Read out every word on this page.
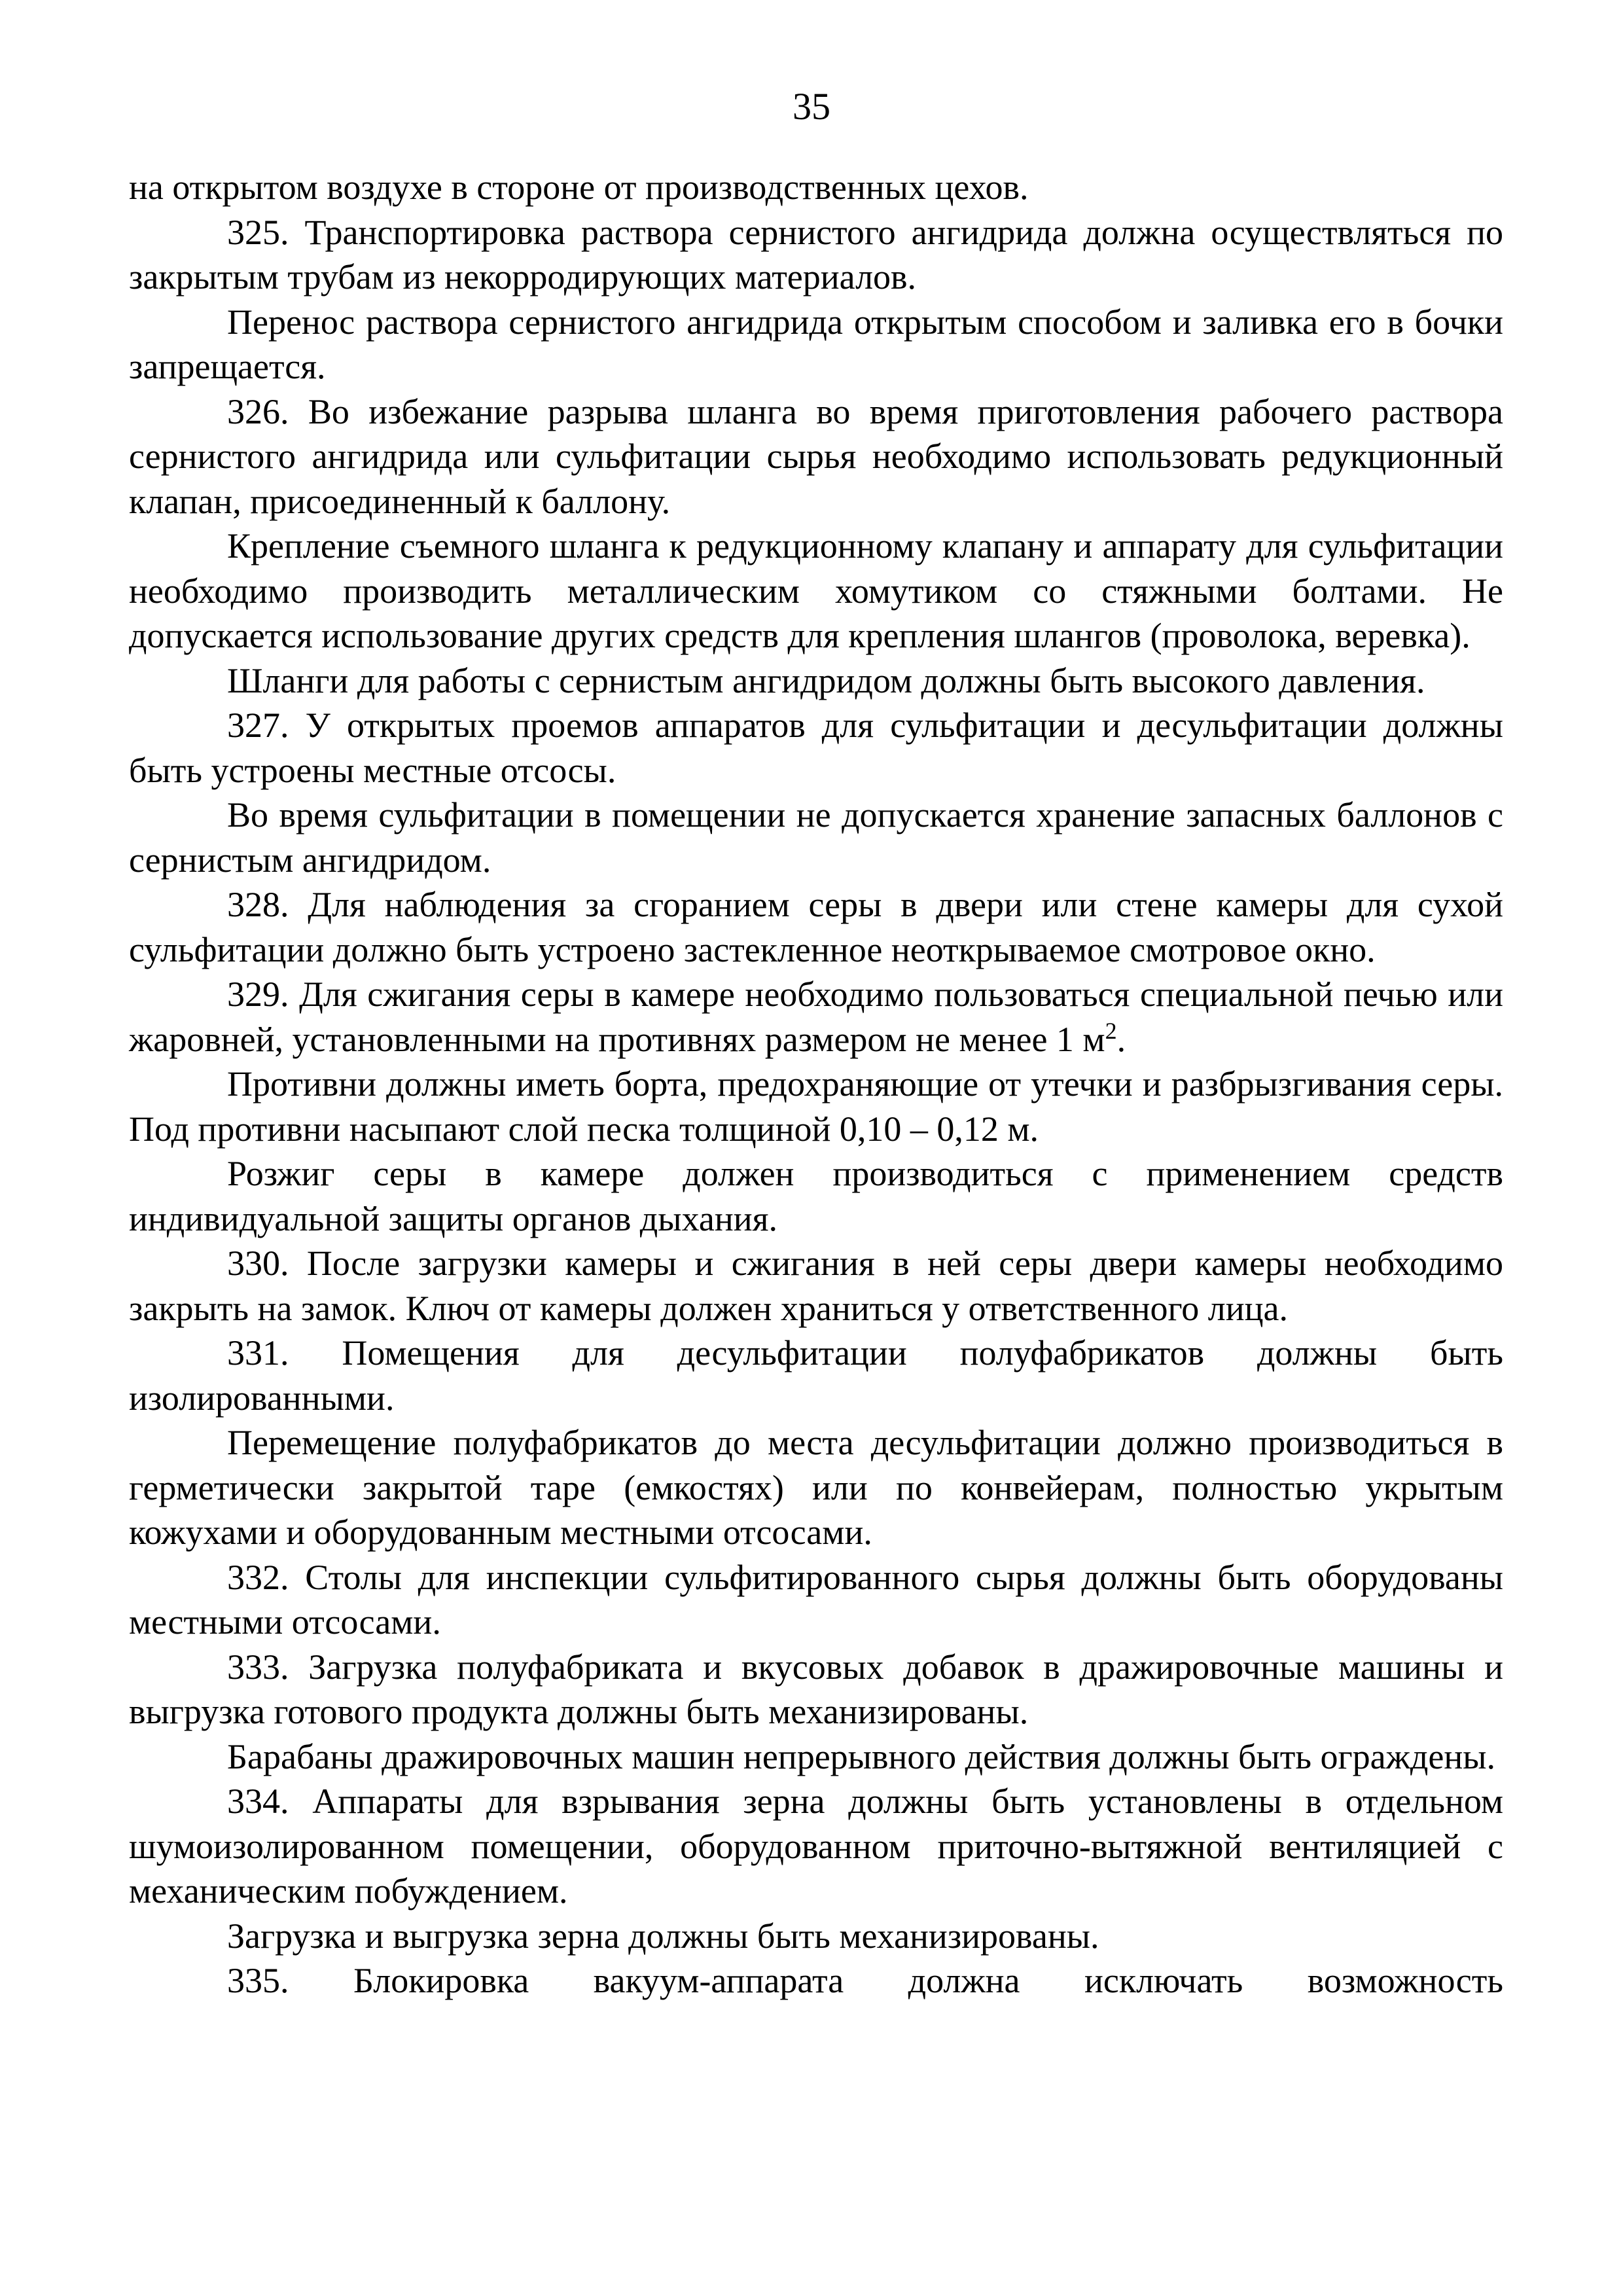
35

на открытом воздухе в стороне от производственных цехов.

325. Транспортировка раствора сернистого ангидрида должна осуществляться по закрытым трубам из некорродирующих материалов.

Перенос раствора сернистого ангидрида открытым способом и заливка его в бочки запрещается.

326. Во избежание разрыва шланга во время приготовления рабочего раствора сернистого ангидрида или сульфитации сырья необходимо использовать редукционный клапан, присоединенный к баллону.

Крепление съемного шланга к редукционному клапану и аппарату для сульфитации необходимо производить металлическим хомутиком со стяжными болтами. Не допускается использование других средств для крепления шлангов (проволока, веревка).

Шланги для работы с сернистым ангидридом должны быть высокого давления.

327. У открытых проемов аппаратов для сульфитации и десульфитации должны быть устроены местные отсосы.

Во время сульфитации в помещении не допускается хранение запасных баллонов с сернистым ангидридом.

328. Для наблюдения за сгоранием серы в двери или стене камеры для сухой сульфитации должно быть устроено застекленное неоткрываемое смотровое окно.

329. Для сжигания серы в камере необходимо пользоваться специальной печью или жаровней, установленными на противнях размером не менее 1 $м^2$.

Противни должны иметь борта, предохраняющие от утечки и разбрызгивания серы. Под противни насыпают слой песка толщиной 0,10 – 0,12 м.

Розжиг серы в камере должен производиться с применением средств индивидуальной защиты органов дыхания.

330. После загрузки камеры и сжигания в ней серы двери камеры необходимо закрыть на замок. Ключ от камеры должен храниться у ответственного лица.

331. Помещения для десульфитации полуфабрикатов должны быть изолированными.

Перемещение полуфабрикатов до места десульфитации должно производиться в герметически закрытой таре (емкостях) или по конвейерам, полностью укрытым кожухами и оборудованным местными отсосами.

332. Столы для инспекции сульфитированного сырья должны быть оборудованы местными отсосами.

333. Загрузка полуфабриката и вкусовых добавок в дражировочные машины и выгрузка готового продукта должны быть механизированы.

Барабаны дражировочных машин непрерывного действия должны быть ограждены.

334. Аппараты для взрывания зерна должны быть установлены в отдельном шумоизолированном помещении, оборудованном приточно-вытяжной вентиляцией с механическим побуждением.

Загрузка и выгрузка зерна должны быть механизированы.

335. Блокировка вакуум-аппарата должна исключать возможность
